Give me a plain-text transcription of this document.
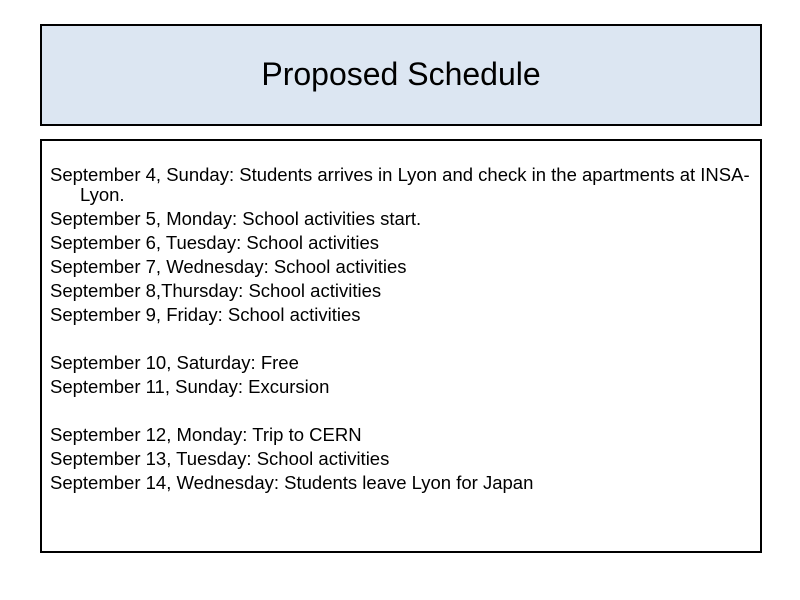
Proposed Schedule
September 4, Sunday: Students arrives in Lyon and check in the apartments at INSA-Lyon.
September 5, Monday: School activities start.
September 6, Tuesday: School activities
September 7, Wednesday: School activities
September 8,Thursday: School activities
September 9, Friday: School activities
September 10, Saturday: Free
September 11, Sunday: Excursion
September 12, Monday: Trip to CERN
September 13, Tuesday: School activities
September 14, Wednesday: Students leave Lyon for Japan
